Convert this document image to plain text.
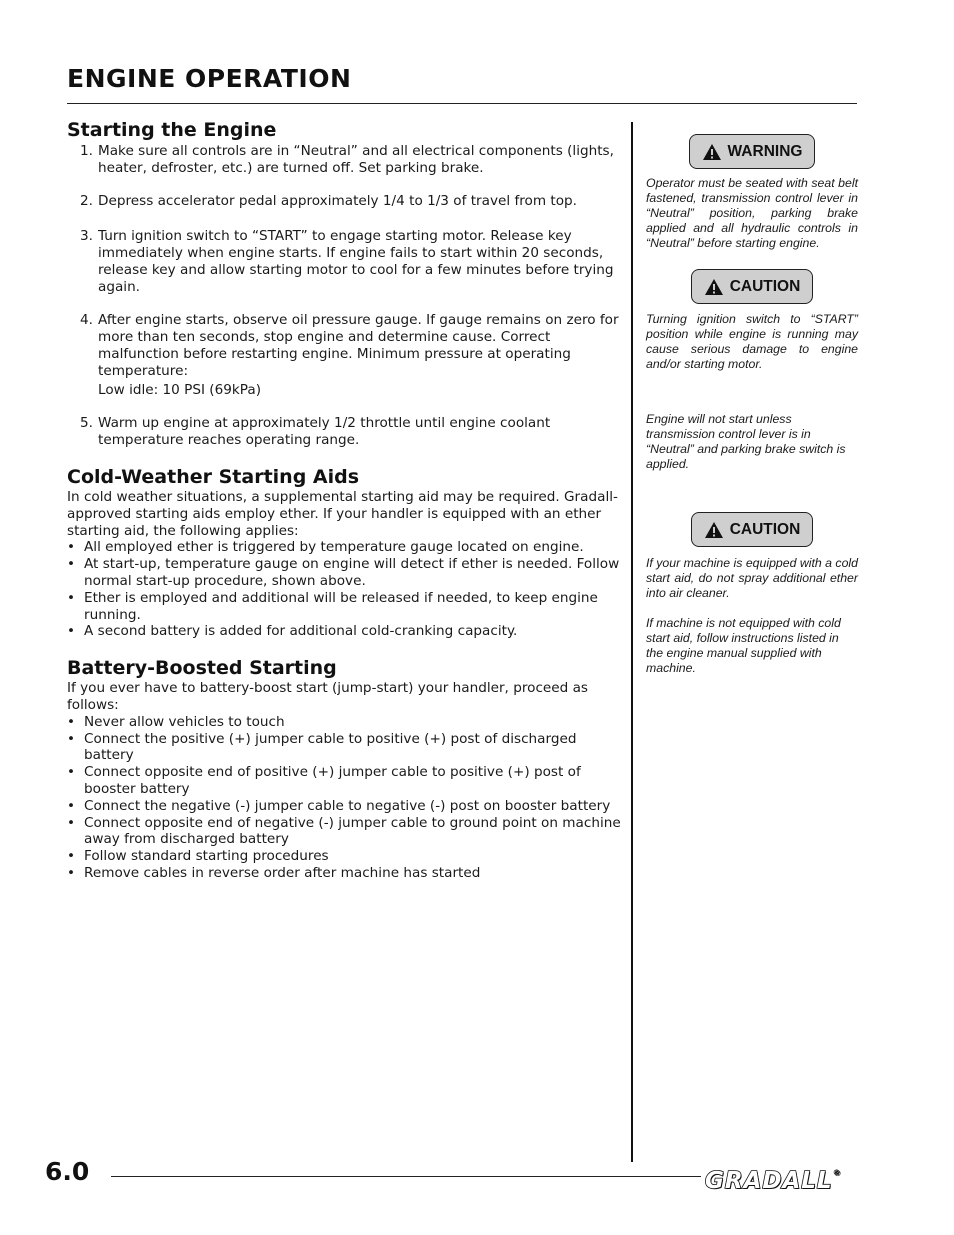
ENGINE OPERATION
Starting the Engine
1. Make sure all controls are in “Neutral” and all electrical components (lights, heater, defroster, etc.) are turned off. Set parking brake.
2. Depress accelerator pedal approximately 1/4 to 1/3 of travel from top.
3. Turn ignition switch to “START” to engage starting motor. Release key immediately when engine starts. If engine fails to start within 20 seconds, release key and allow starting motor to cool for a few minutes before trying again.
4. After engine starts, observe oil pressure gauge. If gauge remains on zero for more than ten seconds, stop engine and determine cause. Correct malfunction before restarting engine. Minimum pressure at operating temperature:
Low idle: 10 PSI (69kPa)
5. Warm up engine at approximately 1/2 throttle until engine coolant temperature reaches operating range.
Cold-Weather Starting Aids

In cold weather situations, a supplemental starting aid may be required. Gradall-approved starting aids employ ether. If your handler is equipped with an ether starting aid, the following applies:

• All employed ether is triggered by temperature gauge located on engine.
• At start-up, temperature gauge on engine will detect if ether is needed. Follow normal start-up procedure, shown above.
• Ether is employed and additional will be released if needed, to keep engine running.
• A second battery is added for additional cold-cranking capacity.
Battery-Boosted Starting

If you ever have to battery-boost start (jump-start) your handler, proceed as follows:

• Never allow vehicles to touch
• Connect the positive (+) jumper cable to positive (+) post of discharged battery
• Connect opposite end of positive (+) jumper cable to positive (+) post of booster battery
• Connect the negative (-) jumper cable to negative (-) post on booster battery
• Connect opposite end of negative (-) jumper cable to ground point on machine away from discharged battery
• Follow standard starting procedures
• Remove cables in reverse order after machine has started
WARNING

Operator must be seated with seat belt fastened, transmission control lever in “Neutral” position, parking brake applied and all hydraulic controls in “Neutral” before starting engine.

CAUTION

Turning ignition switch to “START” position while engine is running may cause serious damage to engine and/or starting motor.

Engine will not start unless transmission control lever is in “Neutral” and parking brake switch is applied.

CAUTION

If your machine is equipped with a cold start aid, do not spray additional ether into air cleaner.

If machine is not equipped with cold start aid, follow instructions listed in the engine manual supplied with machine.

6.0	GRADALL®
